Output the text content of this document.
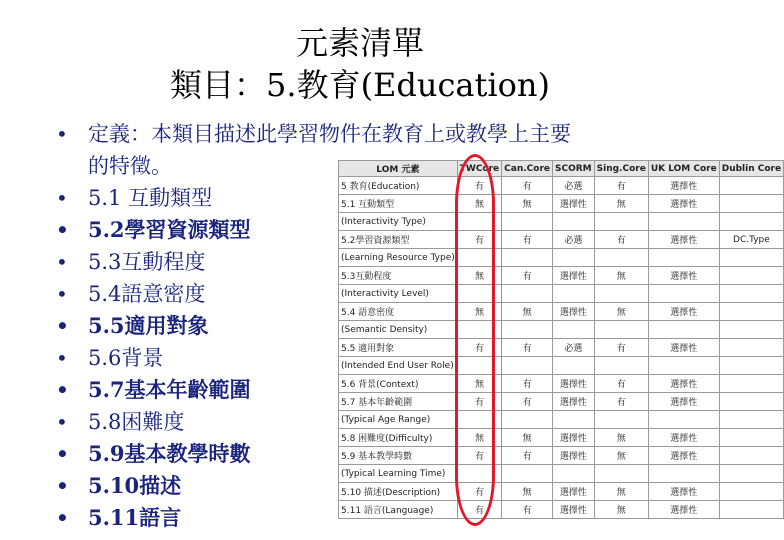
元素清單
類目：5.教育(Education)
• 定義：本類目描述此學習物件在教育上或教學上主要
的特徵。
• 5.1 互動類型
• 5.2學習資源類型
• 5.3互動程度
• 5.4語意密度
• 5.5適用對象
• 5.6背景
• 5.7基本年齡範圍
• 5.8困難度
• 5.9基本教學時數
• 5.10描述
• 5.11語言
LOM 元素	TWCore	Can.Core	SCORM	Sing.Core	UK LOM Core	Dublin Core
5 教育(Education)	有	有	必選	有	選擇性	
5.1 互動類型	無	無	選擇性	無	選擇性	
(Interactivity Type)						
5.2學習資源類型	有	有	必選	有	選擇性	DC.Type
(Learning Resource Type)						
5.3互動程度	無	有	選擇性	無	選擇性	
(Interactivity Level)						
5.4 語意密度	無	無	選擇性	無	選擇性	
(Semantic Density)						
5.5 適用對象	有	有	必選	有	選擇性	
(Intended End User Role)						
5.6 背景(Context)	無	有	選擇性	有	選擇性	
5.7 基本年齡範圍	有	有	選擇性	有	選擇性	
(Typical Age Range)						
5.8 困難度(Difficulty)	無	無	選擇性	無	選擇性	
5.9 基本教學時數	有	有	選擇性	無	選擇性	
(Typical Learning Time)						
5.10 描述(Description)	有	無	選擇性	無	選擇性	
5.11 語言(Language)	有	有	選擇性	無	選擇性	
